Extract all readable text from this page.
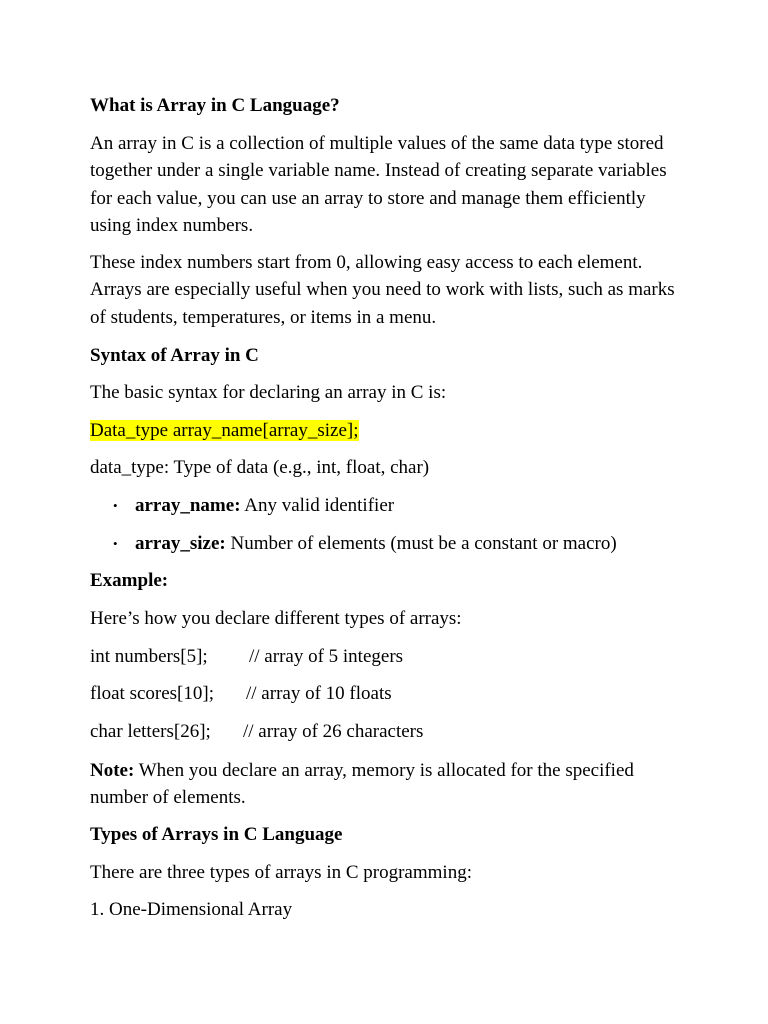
What is Array in C Language?

An array in C is a collection of multiple values of the same data type stored together under a single variable name. Instead of creating separate variables for each value, you can use an array to store and manage them efficiently using index numbers.

These index numbers start from 0, allowing easy access to each element. Arrays are especially useful when you need to work with lists, such as marks of students, temperatures, or items in a menu.

Syntax of Array in C

The basic syntax for declaring an array in C is:

Data_type array_name[array_size];

data_type: Type of data (e.g., int, float, char)

• array_name: Any valid identifier
• array_size: Number of elements (must be a constant or macro)

Example:

Here’s how you declare different types of arrays:

int numbers[5]; // array of 5 integers

float scores[10]; // array of 10 floats

char letters[26]; // array of 26 characters

Note: When you declare an array, memory is allocated for the specified number of elements.

Types of Arrays in C Language

There are three types of arrays in C programming:

1. One-Dimensional Array
